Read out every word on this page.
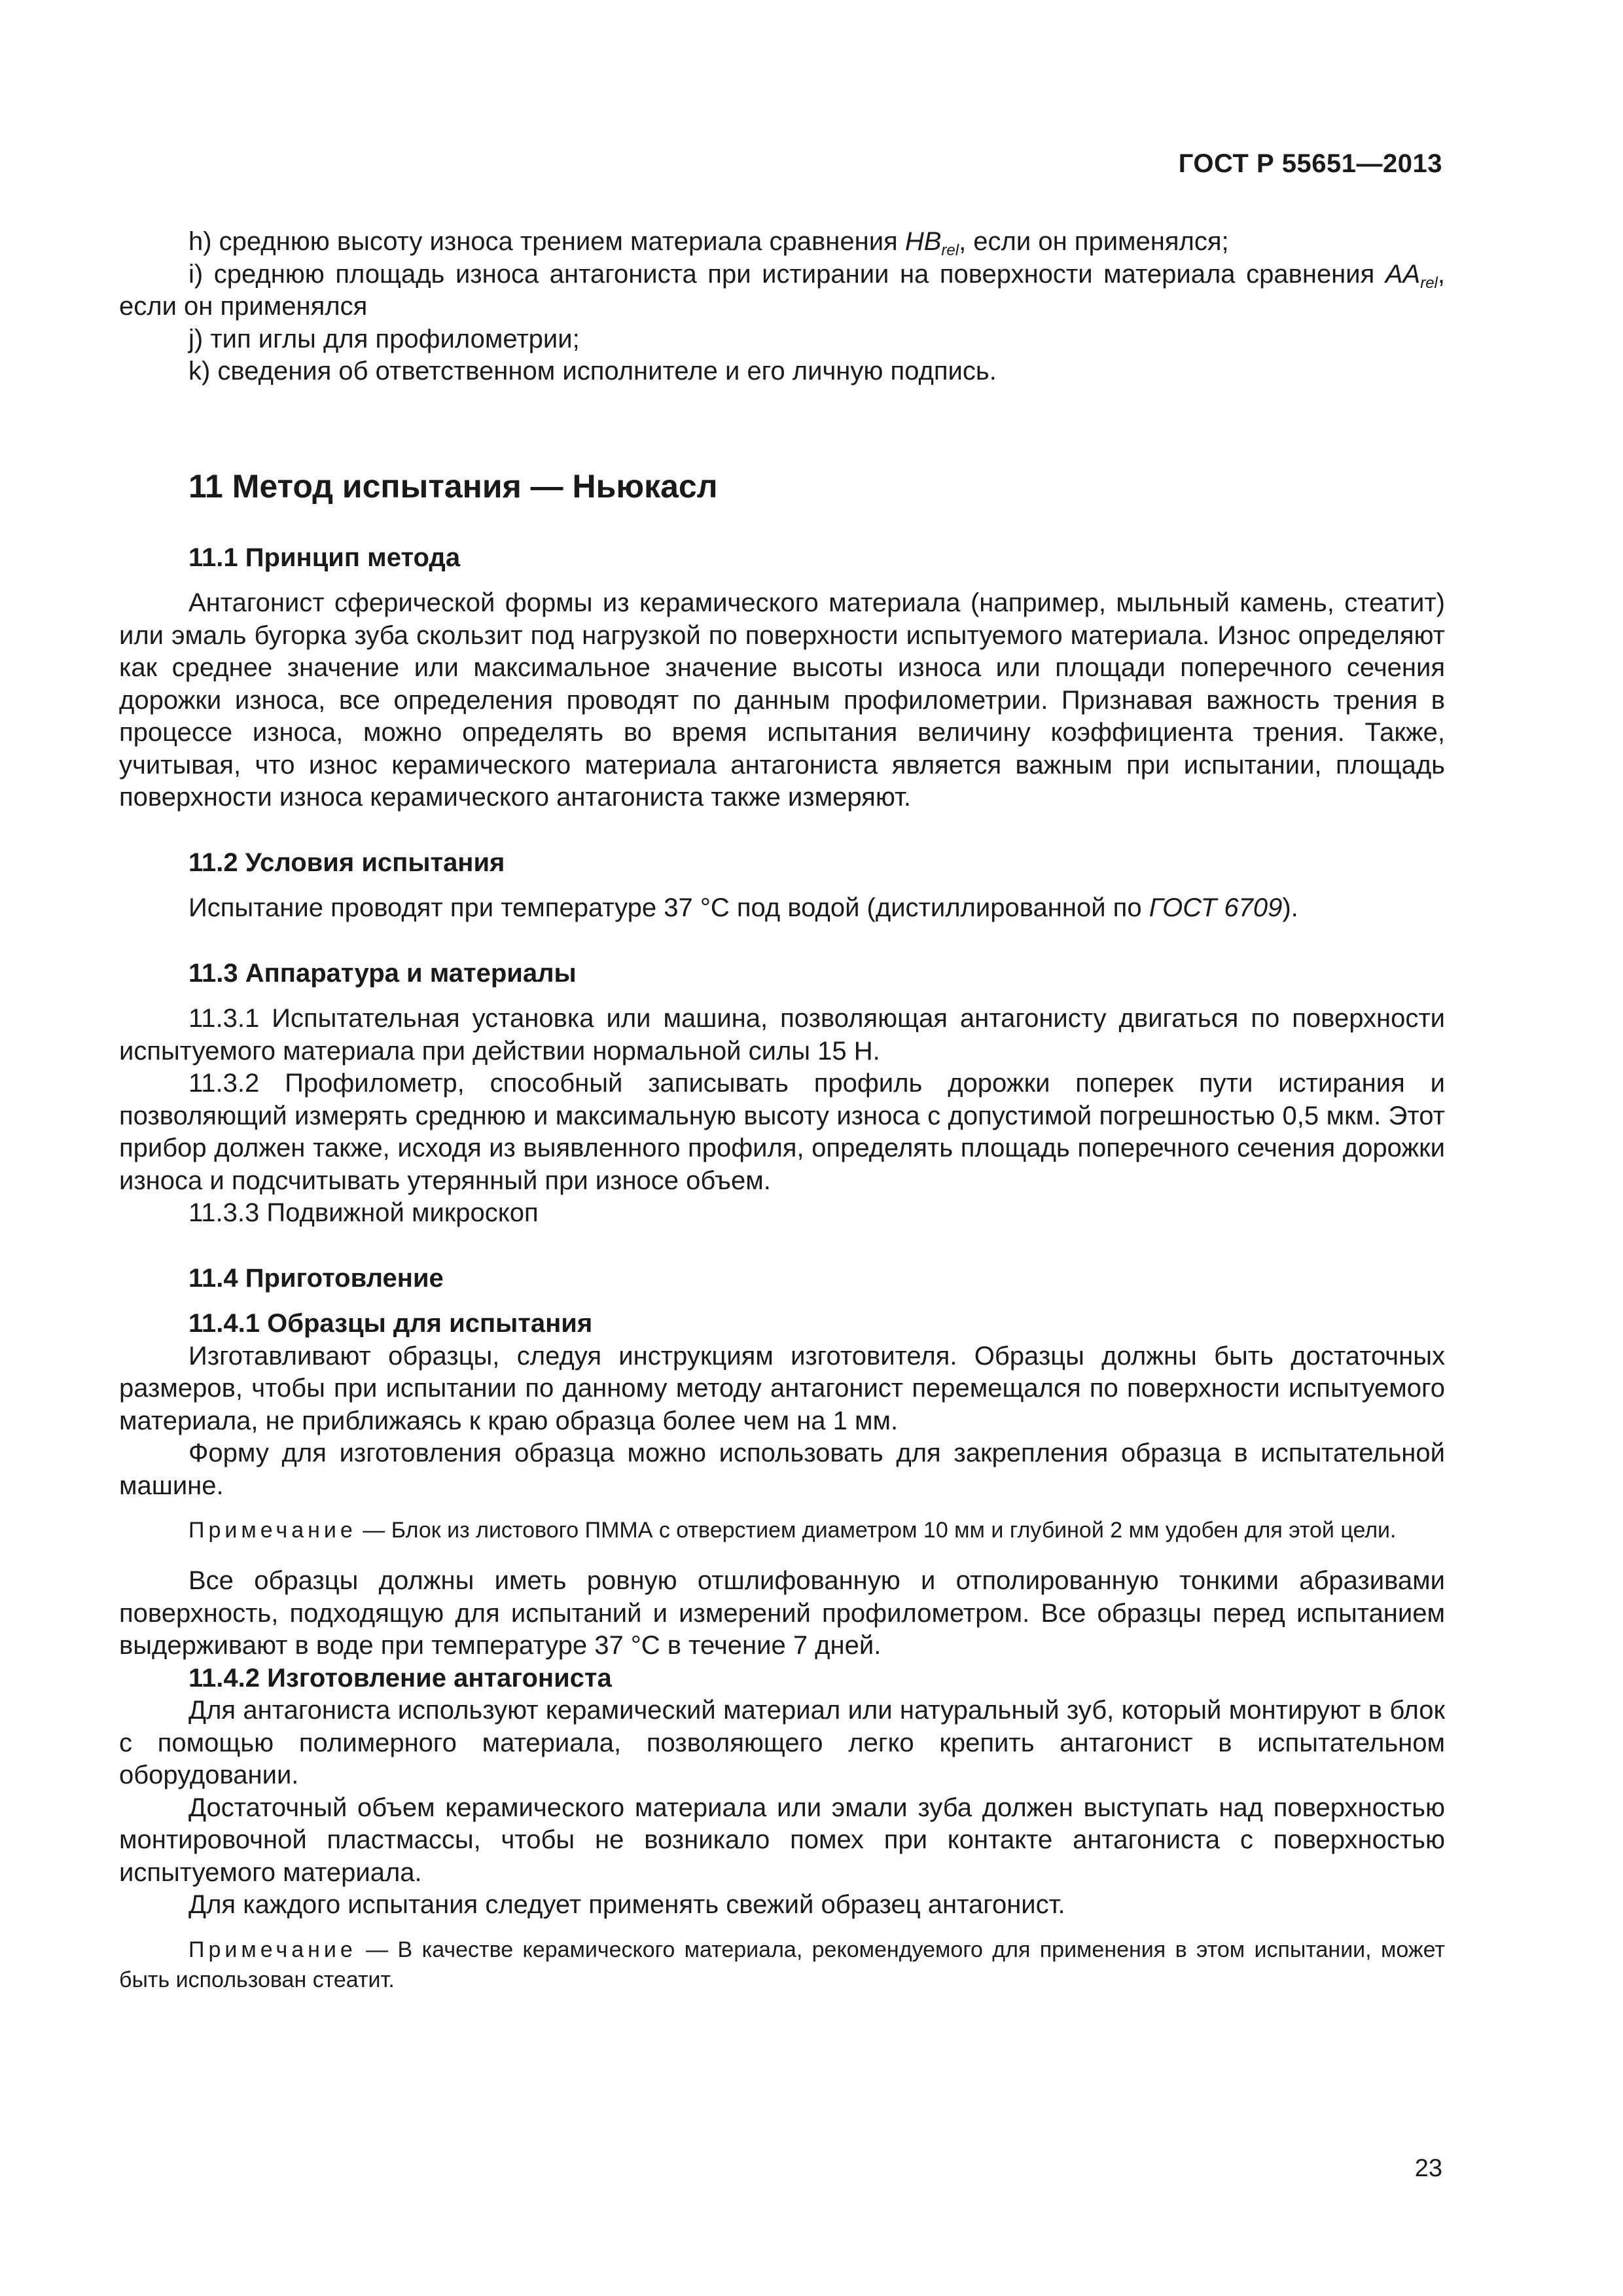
ГОСТ Р 55651—2013

h) среднюю высоту износа трением материала сравнения $HB_{rel}$, если он применялся;

i) среднюю площадь износа антагониста при истирании на поверхности материала сравнения $AA_{rel}$, если он применялся

j) тип иглы для профилометрии;

k) сведения об ответственном исполнителе и его личную подпись.

11 Метод испытания — Ньюкасл
11.1 Принцип метода

Антагонист сферической формы из керамического материала (например, мыльный камень, стеатит) или эмаль бугорка зуба скользит под нагрузкой по поверхности испытуемого материала. Износ определяют как среднее значение или максимальное значение высоты износа или площади поперечного сечения дорожки износа, все определения проводят по данным профилометрии. Признавая важность трения в процессе износа, можно определять во время испытания величину коэффициента трения. Также, учитывая, что износ керамического материала антагониста является важным при испытании, площадь поверхности износа керамического антагониста также измеряют.

11.2 Условия испытания

Испытание проводят при температуре 37 °С под водой (дистиллированной по ГОСТ 6709).

11.3 Аппаратура и материалы

11.3.1 Испытательная установка или машина, позволяющая антагонисту двигаться по поверхности испытуемого материала при действии нормальной силы 15 Н.

11.3.2 Профилометр, способный записывать профиль дорожки поперек пути истирания и позволяющий измерять среднюю и максимальную высоту износа с допустимой погрешностью 0,5 мкм. Этот прибор должен также, исходя из выявленного профиля, определять площадь поперечного сечения дорожки износа и подсчитывать утерянный при износе объем.

11.3.3 Подвижной микроскоп

11.4 Приготовление
11.4.1 Образцы для испытания

Изготавливают образцы, следуя инструкциям изготовителя. Образцы должны быть достаточных размеров, чтобы при испытании по данному методу антагонист перемещался по поверхности испытуемого материала, не приближаясь к краю образца более чем на 1 мм.

Форму для изготовления образца можно использовать для закрепления образца в испытательной машине.

Примечание — Блок из листового ПММА с отверстием диаметром 10 мм и глубиной 2 мм удобен для этой цели.

Все образцы должны иметь ровную отшлифованную и отполированную тонкими абразивами поверхность, подходящую для испытаний и измерений профилометром. Все образцы перед испытанием выдерживают в воде при температуре 37 °С в течение 7 дней.

11.4.2 Изготовление антагониста

Для антагониста используют керамический материал или натуральный зуб, который монтируют в блок с помощью полимерного материала, позволяющего легко крепить антагонист в испытательном оборудовании.

Достаточный объем керамического материала или эмали зуба должен выступать над поверхностью монтировочной пластмассы, чтобы не возникало помех при контакте антагониста с поверхностью испытуемого материала.

Для каждого испытания следует применять свежий образец антагонист.

Примечание — В качестве керамического материала, рекомендуемого для применения в этом испытании, может быть использован стеатит.

23
